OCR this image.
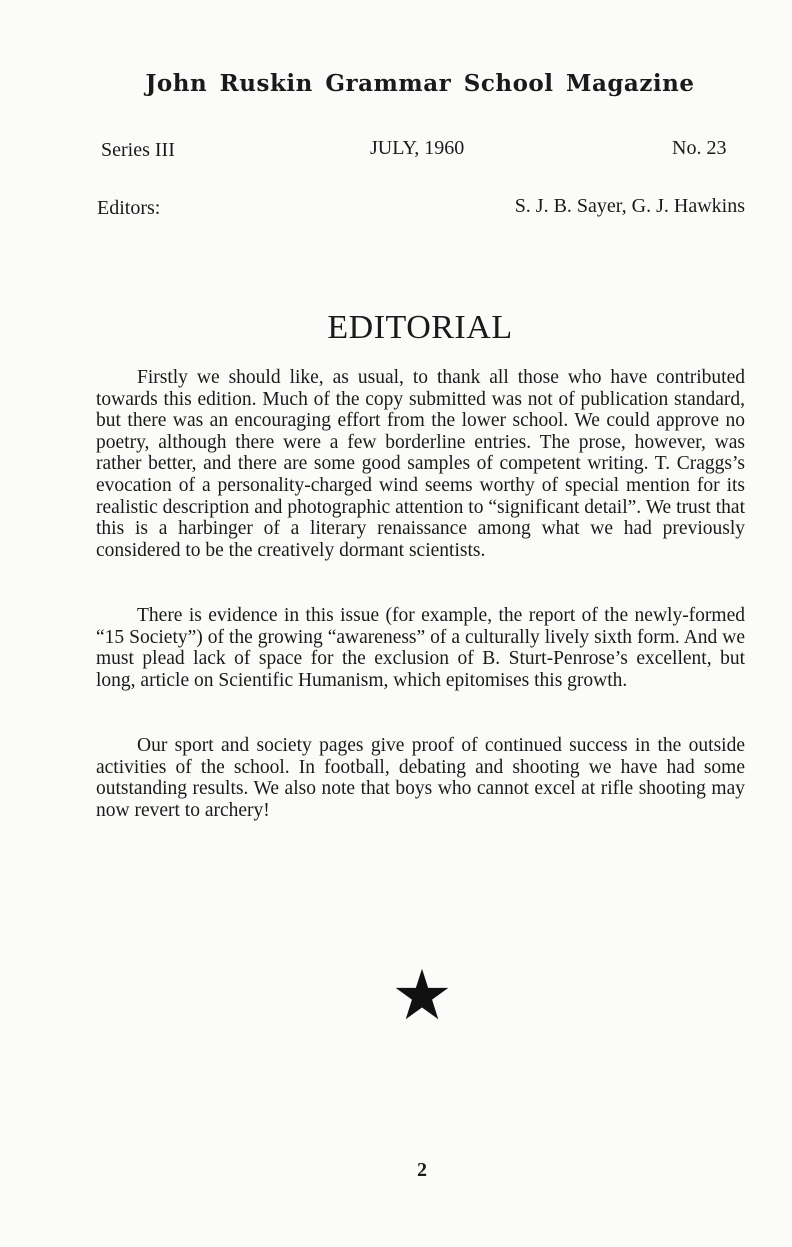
John Ruskin Grammar School Magazine
Series III	JULY, 1960	No. 23
Editors:	S. J. B. Sayer, G. J. Hawkins
EDITORIAL

Firstly we should like, as usual, to thank all those who have contributed towards this edition. Much of the copy submitted was not of publication standard, but there was an encouraging effort from the lower school. We could approve no poetry, although there were a few borderline entries. The prose, however, was rather better, and there are some good samples of competent writing. T. Craggs’s evocation of a personality-charged wind seems worthy of special mention for its realistic description and photographic attention to “significant detail”. We trust that this is a harbinger of a literary renaissance among what we had previously considered to be the creatively dormant scientists.

There is evidence in this issue (for example, the report of the newly-formed “15 Society”) of the growing “awareness” of a culturally lively sixth form. And we must plead lack of space for the exclusion of B. Sturt-Penrose’s excellent, but long, article on Scientific Humanism, which epitomises this growth.

Our sport and society pages give proof of continued success in the outside activities of the school. In football, debating and shooting we have had some outstanding results. We also note that boys who cannot excel at rifle shooting may now revert to archery!

2
